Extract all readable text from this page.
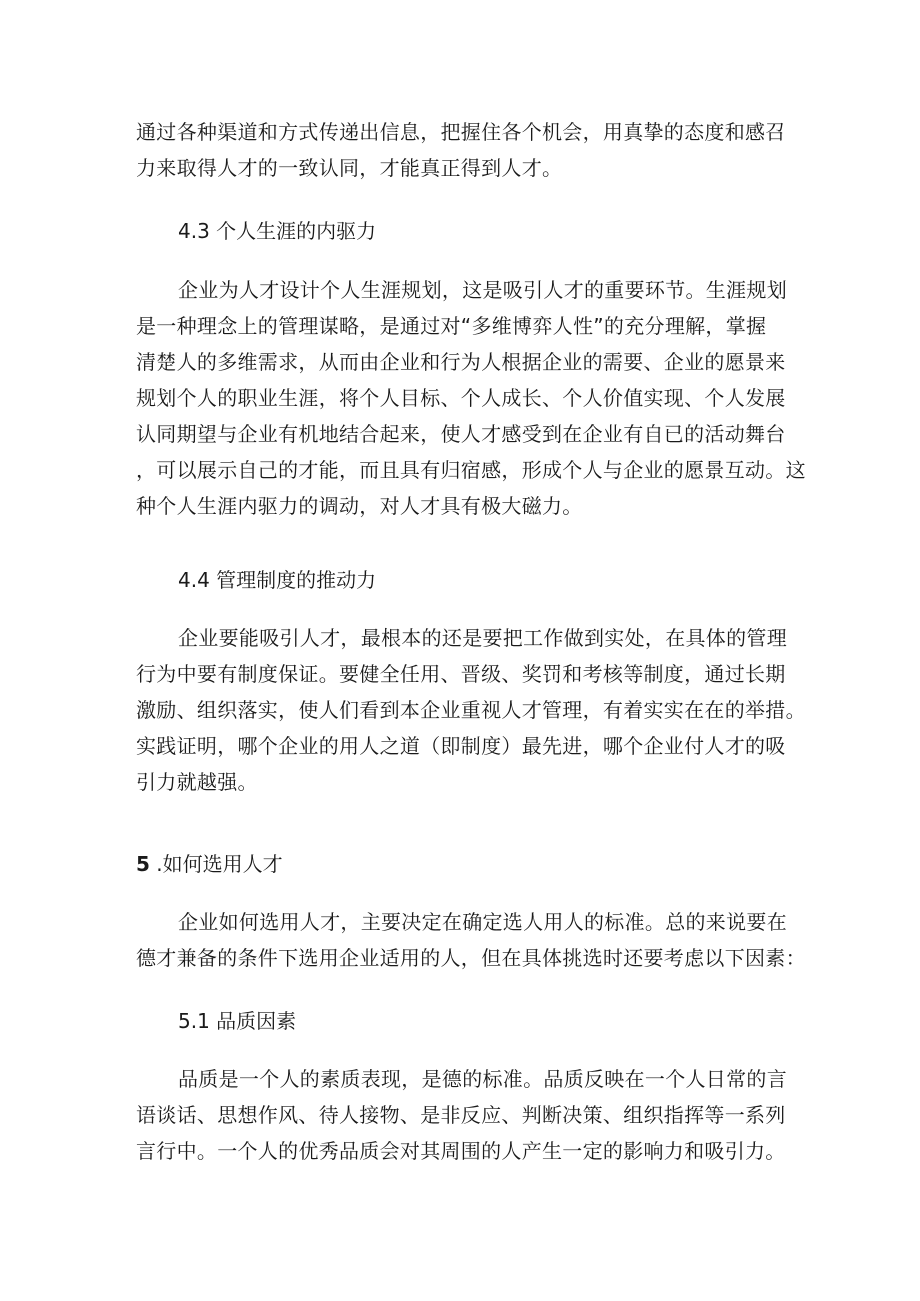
通过各种渠道和方式传递出信息，把握住各个机会，用真挚的态度和感召
力来取得人才的一致认同，才能真正得到人才。
4.3 个人生涯的内驱力
企业为人才设计个人生涯规划，这是吸引人才的重要环节。生涯规划
是一种理念上的管理谋略，是通过对“多维博弈人性”的充分理解，掌握
清楚人的多维需求，从而由企业和行为人根据企业的需要、企业的愿景来
规划个人的职业生涯，将个人目标、个人成长、个人价值实现、个人发展
认同期望与企业有机地结合起来，使人才感受到在企业有自已的活动舞台
，可以展示自己的才能，而且具有归宿感，形成个人与企业的愿景互动。这
种个人生涯内驱力的调动，对人才具有极大磁力。
4.4 管理制度的推动力
企业要能吸引人才，最根本的还是要把工作做到实处，在具体的管理
行为中要有制度保证。要健全任用、晋级、奖罚和考核等制度，通过长期
激励、组织落实，使人们看到本企业重视人才管理，有着实实在在的举措。
实践证明，哪个企业的用人之道（即制度）最先进，哪个企业付人才的吸
引力就越强。
5 .如何选用人才
企业如何选用人才，主要决定在确定选人用人的标准。总的来说要在
德才兼备的条件下选用企业适用的人，但在具体挑选时还要考虑以下因素：
5.1 品质因素
品质是一个人的素质表现，是德的标准。品质反映在一个人日常的言
语谈话、思想作风、待人接物、是非反应、判断决策、组织指挥等一系列
言行中。一个人的优秀品质会对其周围的人产生一定的影响力和吸引力。
